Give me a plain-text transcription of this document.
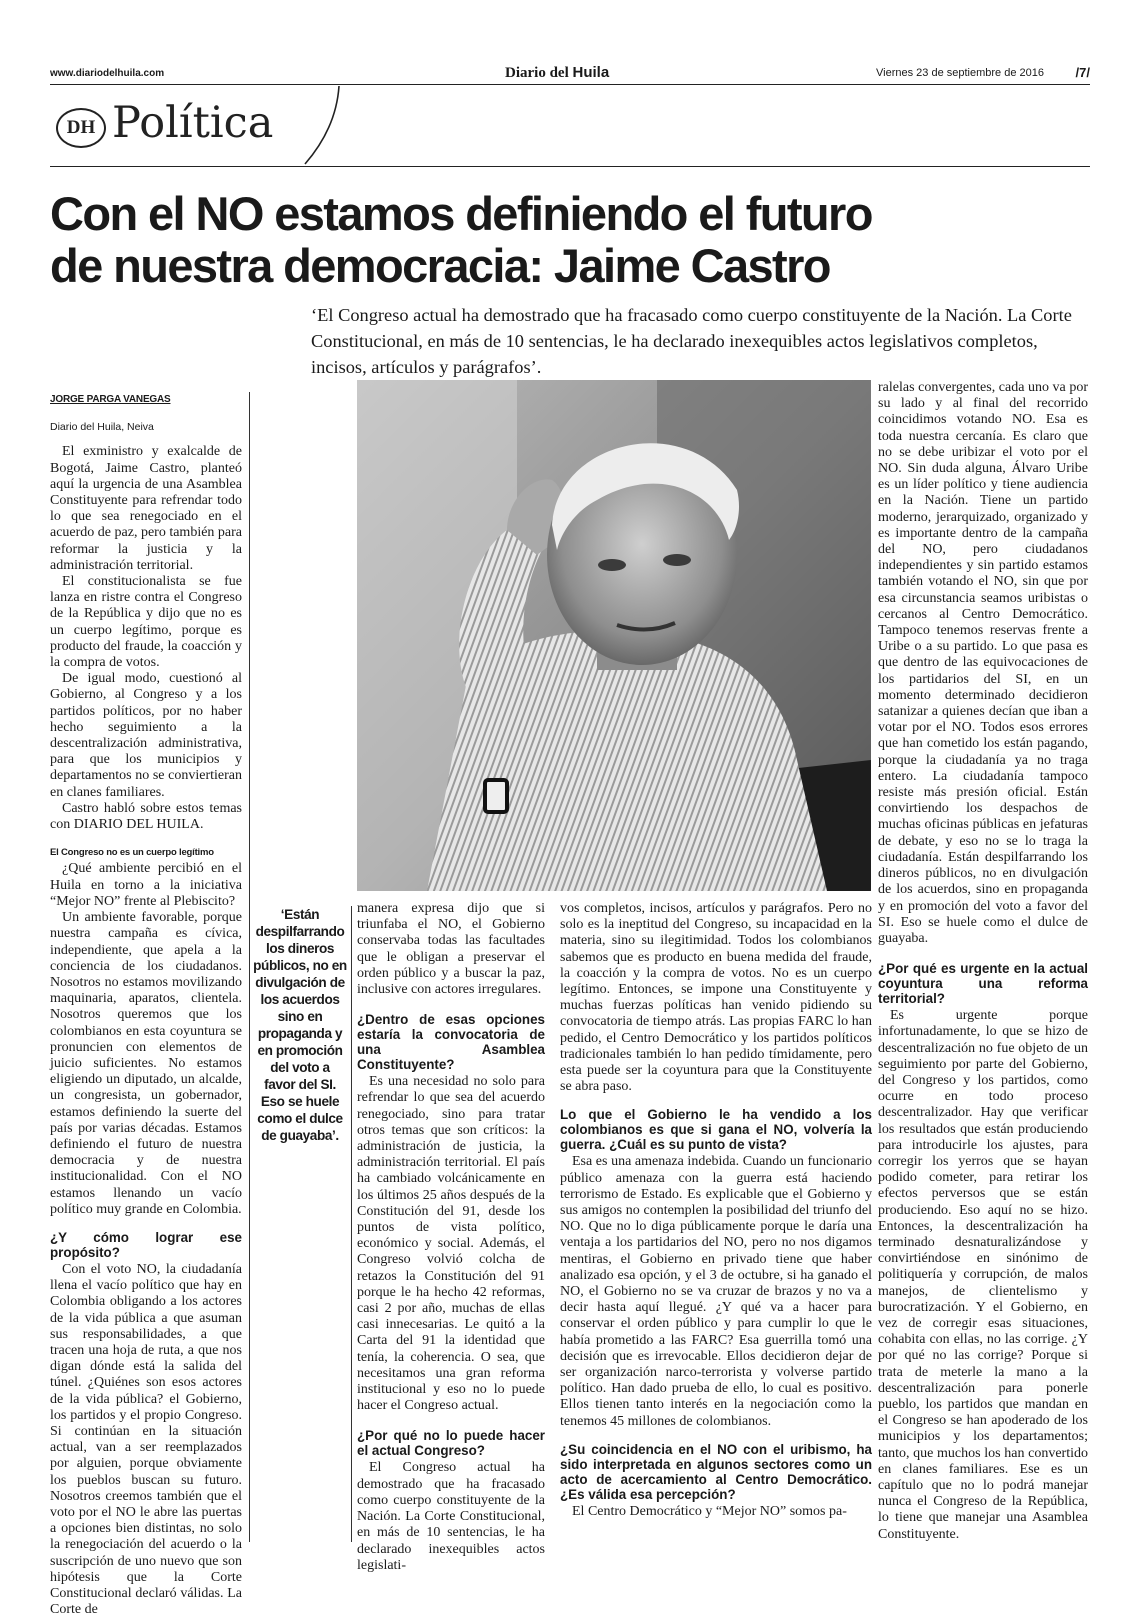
www.diariodelhuila.com	Diario del Huila	Viernes 23 de septiembre de 2016 /7/
DH Política
Con el NO estamos definiendo el futuro
de nuestra democracia: Jaime Castro
‘El Congreso actual ha demostrado que ha fracasado como cuerpo constituyente de la Nación. La Corte Constitucional, en más de 10 sentencias, le ha declarado inexequibles actos legislativos completos, incisos, artículos y parágrafos’.

JORGE PARGA VANEGAS

Diario del Huila, Neiva

El exministro y exalcalde de Bogotá, Jaime Castro, planteó aquí la urgencia de una Asamblea Constituyente para refrendar todo lo que sea renegociado en el acuerdo de paz, pero también para reformar la justicia y la administración territorial.

El constitucionalista se fue lanza en ristre contra el Congreso de la República y dijo que no es un cuerpo legítimo, porque es producto del fraude, la coacción y la compra de votos.

De igual modo, cuestionó al Gobierno, al Congreso y a los partidos políticos, por no haber hecho seguimiento a la descentralización administrativa, para que los municipios y departamentos no se conviertieran en clanes familiares.

Castro habló sobre estos temas con DIARIO DEL HUILA.

El Congreso no es un cuerpo legítimo

¿Qué ambiente percibió en el Huila en torno a la iniciativa “Mejor NO” frente al Plebiscito?

Un ambiente favorable, porque nuestra campaña es cívica, independiente, que apela a la conciencia de los ciudadanos. Nosotros no estamos movilizando maquinaria, aparatos, clientela. Nosotros queremos que los colombianos en esta coyuntura se pronuncien con elementos de juicio suficientes. No estamos eligiendo un diputado, un alcalde, un congresista, un gobernador, estamos definiendo la suerte del país por varias décadas. Estamos definiendo el futuro de nuestra democracia y de nuestra institucionalidad. Con el NO estamos llenando un vacío político muy grande en Colombia.

¿Y cómo lograr ese propósito?

Con el voto NO, la ciudadanía llena el vacío político que hay en Colombia obligando a los actores de la vida pública a que asuman sus responsabilidades, a que tracen una hoja de ruta, a que nos digan dónde está la salida del túnel. ¿Quiénes son esos actores de la vida pública? el Gobierno, los partidos y el propio Congreso. Si continúan en la situación actual, van a ser reemplazados por alguien, porque obviamente los pueblos buscan su futuro. Nosotros creemos también que el voto por el NO le abre las puertas a opciones bien distintas, no solo la renegociación del acuerdo o la suscripción de uno nuevo que son hipótesis que la Corte Constitucional declaró válidas. La Corte de

‘Están despilfarrando los dineros públicos, no en divulgación de los acuerdos sino en propaganda y en promoción del voto a favor del SI. Eso se huele como el dulce de guayaba’.

manera expresa dijo que si triunfaba el NO, el Gobierno conservaba todas las facultades que le obligan a preservar el orden público y a buscar la paz, inclusive con actores irregulares.

¿Dentro de esas opciones estaría la convocatoria de una Asamblea Constituyente?

Es una necesidad no solo para refrendar lo que sea del acuerdo renegociado, sino para tratar otros temas que son críticos: la administración de justicia, la administración territorial. El país ha cambiado volcánicamente en los últimos 25 años después de la Constitución del 91, desde los puntos de vista político, económico y social. Además, el Congreso volvió colcha de retazos la Constitución del 91 porque le ha hecho 42 reformas, casi 2 por año, muchas de ellas casi innecesarias. Le quitó a la Carta del 91 la identidad que tenía, la coherencia. O sea, que necesitamos una gran reforma institucional y eso no lo puede hacer el Congreso actual.

¿Por qué no lo puede hacer el actual Congreso?

El Congreso actual ha demostrado que ha fracasado como cuerpo constituyente de la Nación. La Corte Constitucional, en más de 10 sentencias, le ha declarado inexequibles actos legislati-

vos completos, incisos, artículos y parágrafos. Pero no solo es la ineptitud del Congreso, su incapacidad en la materia, sino su ilegitimidad. Todos los colombianos sabemos que es producto en buena medida del fraude, la coacción y la compra de votos. No es un cuerpo legítimo. Entonces, se impone una Constituyente y muchas fuerzas políticas han venido pidiendo su convocatoria de tiempo atrás. Las propias FARC lo han pedido, el Centro Democrático y los partidos políticos tradicionales también lo han pedido tímidamente, pero esta puede ser la coyuntura para que la Constituyente se abra paso.

Lo que el Gobierno le ha vendido a los colombianos es que si gana el NO, volvería la guerra. ¿Cuál es su punto de vista?

Esa es una amenaza indebida. Cuando un funcionario público amenaza con la guerra está haciendo terrorismo de Estado. Es explicable que el Gobierno y sus amigos no contemplen la posibilidad del triunfo del NO. Que no lo diga públicamente porque le daría una ventaja a los partidarios del NO, pero no nos digamos mentiras, el Gobierno en privado tiene que haber analizado esa opción, y el 3 de octubre, si ha ganado el NO, el Gobierno no se va cruzar de brazos y no va a decir hasta aquí llegué. ¿Y qué va a hacer para conservar el orden público y para cumplir lo que le había prometido a las FARC? Esa guerrilla tomó una decisión que es irrevocable. Ellos decidieron dejar de ser organización narco-terrorista y volverse partido político. Han dado prueba de ello, lo cual es positivo. Ellos tienen tanto interés en la negociación como la tenemos 45 millones de colombianos.

¿Su coincidencia en el NO con el uribismo, ha sido interpretada en algunos sectores como un acto de acercamiento al Centro Democrático. ¿Es válida esa percepción?

El Centro Democrático y “Mejor NO” somos pa-

ralelas convergentes, cada uno va por su lado y al final del recorrido coincidimos votando NO. Esa es toda nuestra cercanía. Es claro que no se debe uribizar el voto por el NO. Sin duda alguna, Álvaro Uribe es un líder político y tiene audiencia en la Nación. Tiene un partido moderno, jerarquizado, organizado y es importante dentro de la campaña del NO, pero ciudadanos independientes y sin partido estamos también votando el NO, sin que por esa circunstancia seamos uribistas o cercanos al Centro Democrático. Tampoco tenemos reservas frente a Uribe o a su partido. Lo que pasa es que dentro de las equivocaciones de los partidarios del SI, en un momento determinado decidieron satanizar a quienes decían que iban a votar por el NO. Todos esos errores que han cometido los están pagando, porque la ciudadanía ya no traga entero. La ciudadanía tampoco resiste más presión oficial. Están convirtiendo los despachos de muchas oficinas públicas en jefaturas de debate, y eso no se lo traga la ciudadanía. Están despilfarrando los dineros públicos, no en divulgación de los acuerdos, sino en propaganda y en promoción del voto a favor del SI. Eso se huele como el dulce de guayaba.

¿Por qué es urgente en la actual coyuntura una reforma territorial?

Es urgente porque infortunadamente, lo que se hizo de descentralización no fue objeto de un seguimiento por parte del Gobierno, del Congreso y los partidos, como ocurre en todo proceso descentralizador. Hay que verificar los resultados que están produciendo para introducirle los ajustes, para corregir los yerros que se hayan podido cometer, para retirar los efectos perversos que se están produciendo. Eso aquí no se hizo. Entonces, la descentralización ha terminado desnaturalizándose y convirtiéndose en sinónimo de politiquería y corrupción, de malos manejos, de clientelismo y burocratización. Y el Gobierno, en vez de corregir esas situaciones, cohabita con ellas, no las corrige. ¿Y por qué no las corrige? Porque si trata de meterle la mano a la descentralización para ponerle pueblo, los partidos que mandan en el Congreso se han apoderado de los municipios y los departamentos; tanto, que muchos los han convertido en clanes familiares. Ese es un capítulo que no lo podrá manejar nunca el Congreso de la República, lo tiene que manejar una Asamblea Constituyente.
